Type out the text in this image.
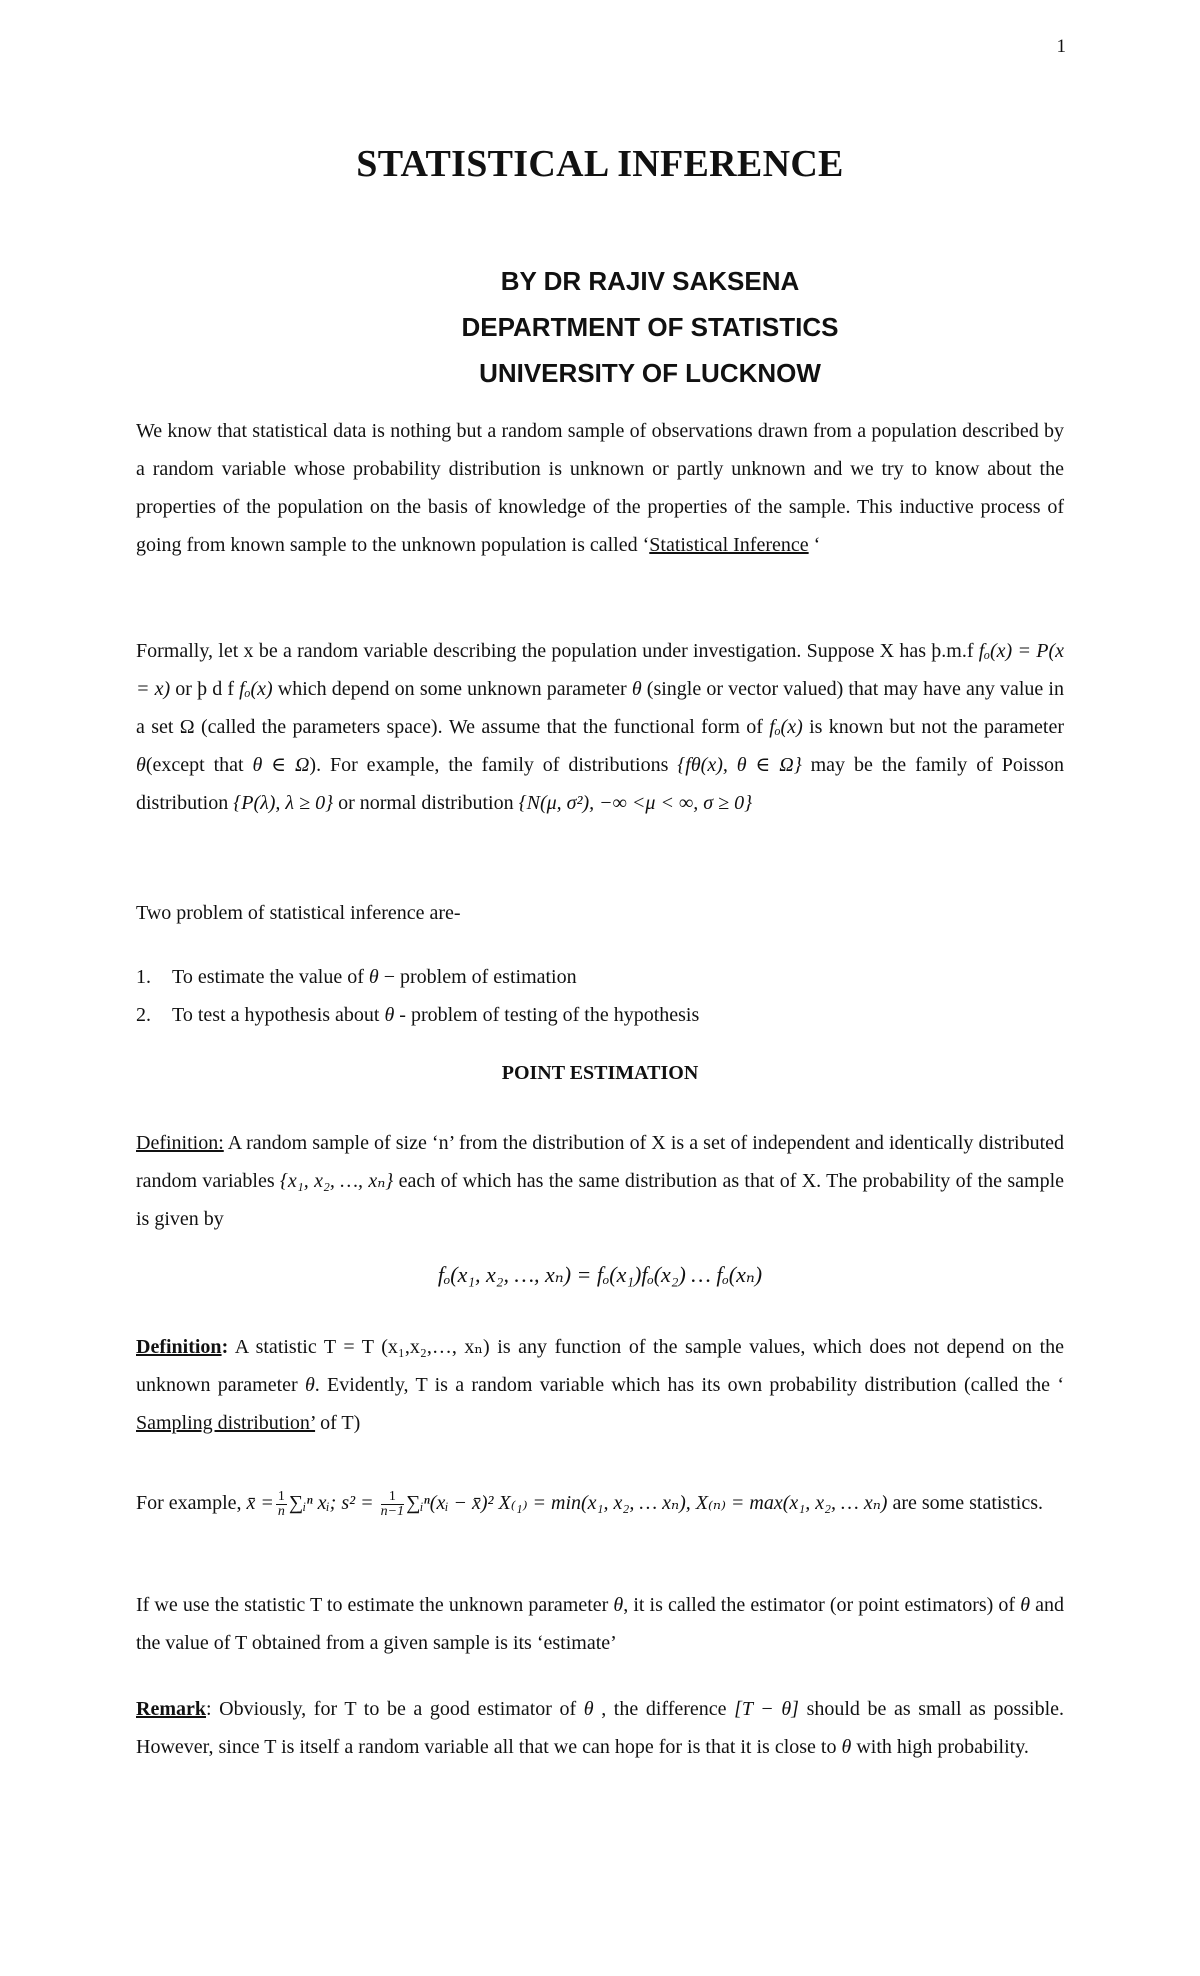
1
STATISTICAL INFERENCE
BY DR RAJIV SAKSENA
DEPARTMENT OF STATISTICS
UNIVERSITY OF LUCKNOW

We know that statistical data is nothing but a random sample of observations drawn from a population described by a random variable whose probability distribution is unknown or partly unknown and we try to know about the properties of the population on the basis of knowledge of the properties of the sample. This inductive process of going from known sample to the unknown population is called ‘Statistical Inference ‘

Formally, let x be a random variable describing the population under investigation. Suppose X has þ.m.f fₒ(x) = P(x = x) or þ d f fₒ(x) which depend on some unknown parameter θ (single or vector valued) that may have any value in a set Ω (called the parameters space). We assume that the functional form of fₒ(x) is known but not the parameter θ(except that θ ∈ Ω). For example, the family of distributions {fθ(x), θ ∈ Ω} may be the family of Poisson distribution {P(λ), λ ≥ 0} or normal distribution {N(μ, σ²), −∞ <μ < ∞, σ ≥ 0}

Two problem of statistical inference are-
1.	To estimate the value of θ − problem of estimation
2.	To test a hypothesis about θ - problem of testing of the hypothesis
POINT ESTIMATION

Definition: A random sample of size ‘n’ from the distribution of X is a set of independent and identically distributed random variables {x₁, x₂, …, xₙ} each of which has the same distribution as that of X. The probability of the sample is given by

fₒ(x₁, x₂, …, xₙ) = fₒ(x₁)fₒ(x₂) … fₒ(xₙ)

Definition: A statistic T = T (x₁,x₂,…, xₙ) is any function of the sample values, which does not depend on the unknown parameter θ. Evidently, T is a random variable which has its own probability distribution (called the ‘ Sampling distribution’ of T)

For example, x̄ = $\frac{1}{n}$ ∑ᵢⁿ xᵢ; $s^2 = \frac{1}{n-1}$ ∑ᵢⁿ(xᵢ − x̄)² X₍₁₎ = min(x₁, x₂, … xₙ), X₍ₙ₎ = max(x₁, x₂, … xₙ) are some statistics.

If we use the statistic T to estimate the unknown parameter θ, it is called the estimator (or point estimators) of θ and the value of T obtained from a given sample is its ‘estimate’

Remark: Obviously, for T to be a good estimator of θ , the difference [T − θ] should be as small as possible. However, since T is itself a random variable all that we can hope for is that it is close to θ with high probability.
